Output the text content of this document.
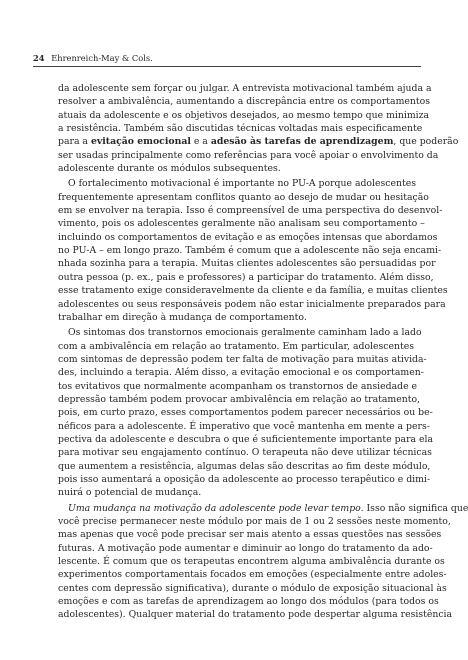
24 Ehrenreich-May & Cols.
da adolescente sem forçar ou julgar. A entrevista motivacional também ajuda a
resolver a ambivalência, aumentando a discrepância entre os comportamentos
atuais da adolescente e os objetivos desejados, ao mesmo tempo que minimiza
a resistência. Também são discutidas técnicas voltadas mais especificamente
para a evitação emocional e a adesão às tarefas de aprendizagem, que poderão
ser usadas principalmente como referências para você apoiar o envolvimento da
adolescente durante os módulos subsequentes.
O fortalecimento motivacional é importante no PU-A porque adolescentes
frequentemente apresentam conflitos quanto ao desejo de mudar ou hesitação
em se envolver na terapia. Isso é compreensível de uma perspectiva do desenvol-
vimento, pois os adolescentes geralmente não analisam seu comportamento –
incluindo os comportamentos de evitação e as emoções intensas que abordamos
no PU-A – em longo prazo. Também é comum que a adolescente não seja encami-
nhada sozinha para a terapia. Muitas clientes adolescentes são persuadidas por
outra pessoa (p. ex., pais e professores) a participar do tratamento. Além disso,
esse tratamento exige consideravelmente da cliente e da família, e muitas clientes
adolescentes ou seus responsáveis podem não estar inicialmente preparados para
trabalhar em direção à mudança de comportamento.
Os sintomas dos transtornos emocionais geralmente caminham lado a lado
com a ambivalência em relação ao tratamento. Em particular, adolescentes
com sintomas de depressão podem ter falta de motivação para muitas ativida-
des, incluindo a terapia. Além disso, a evitação emocional e os comportamen-
tos evitativos que normalmente acompanham os transtornos de ansiedade e
depressão também podem provocar ambivalência em relação ao tratamento,
pois, em curto prazo, esses comportamentos podem parecer necessários ou be-
néficos para a adolescente. É imperativo que você mantenha em mente a pers-
pectiva da adolescente e descubra o que é suficientemente importante para ela
para motivar seu engajamento contínuo. O terapeuta não deve utilizar técnicas
que aumentem a resistência, algumas delas são descritas ao fim deste módulo,
pois isso aumentará a oposição da adolescente ao processo terapêutico e dimi-
nuirá o potencial de mudança.
Uma mudança na motivação da adolescente pode levar tempo. Isso não significa que
você precise permanecer neste módulo por mais de 1 ou 2 sessões neste momento,
mas apenas que você pode precisar ser mais atento a essas questões nas sessões
futuras. A motivação pode aumentar e diminuir ao longo do tratamento da ado-
lescente. É comum que os terapeutas encontrem alguma ambivalência durante os
experimentos comportamentais focados em emoções (especialmente entre adoles-
centes com depressão significativa), durante o módulo de exposição situacional às
emoções e com as tarefas de aprendizagem ao longo dos módulos (para todos os
adolescentes). Qualquer material do tratamento pode despertar alguma resistência
